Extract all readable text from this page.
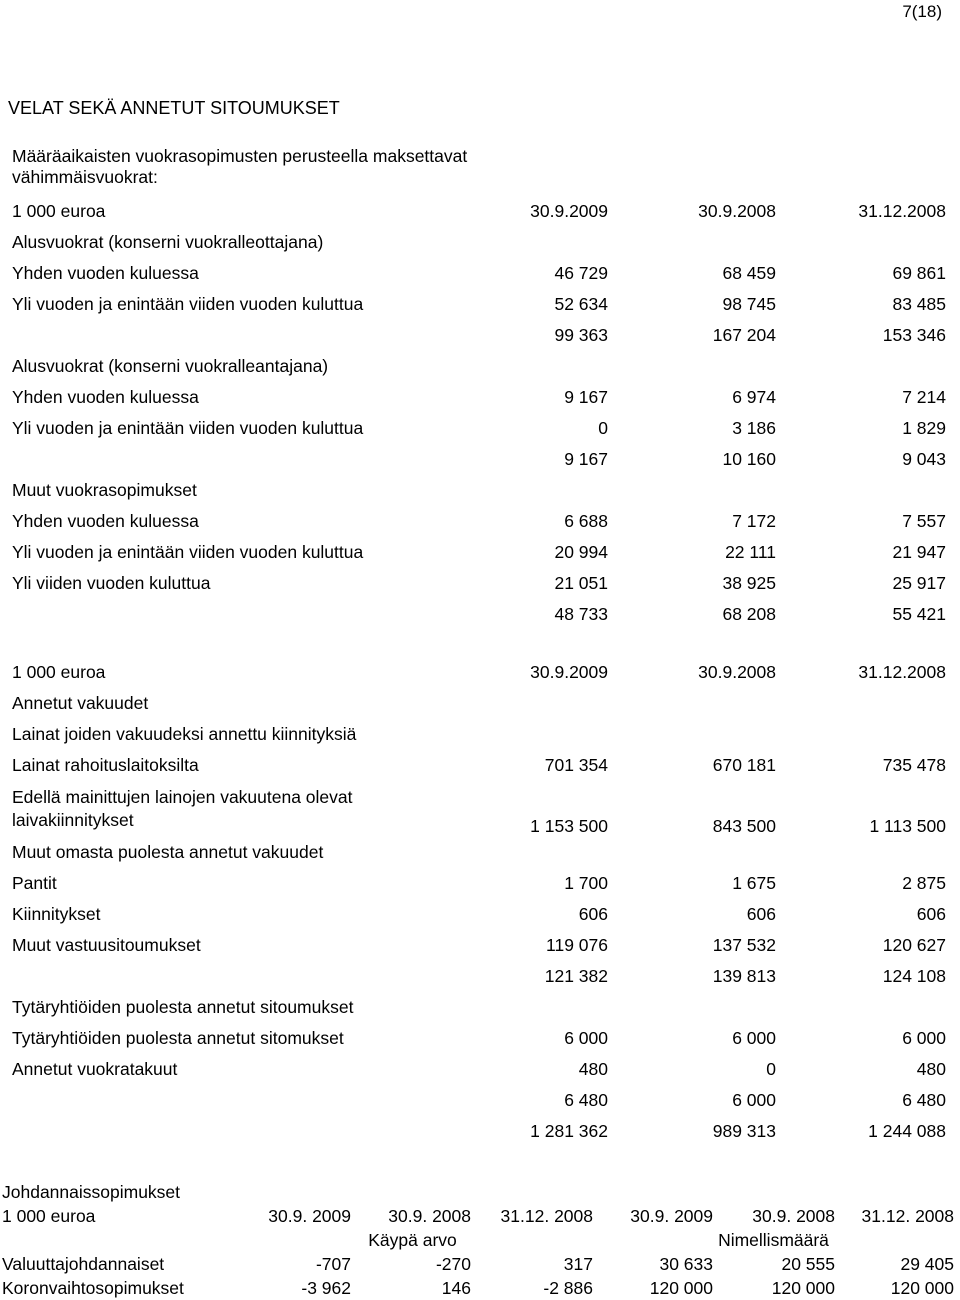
7(18)
VELAT SEKÄ ANNETUT SITOUMUKSET
Määräaikaisten vuokrasopimusten perusteella maksettavat
vähimmäisvuokrat:
1 000 euroa	30.9.2009	30.9.2008	31.12.2008	
Alusvuokrat (konserni vuokralleottajana)				
Yhden vuoden kuluessa	46 729	68 459	69 861	
Yli vuoden ja enintään viiden vuoden kuluttua	52 634	98 745	83 485	
	99 363	167 204	153 346	
Alusvuokrat (konserni vuokralleantajana)				
Yhden vuoden kuluessa	9 167	6 974	7 214	
Yli vuoden ja enintään viiden vuoden kuluttua	0	3 186	1 829	
	9 167	10 160	9 043	
Muut vuokrasopimukset				
Yhden vuoden kuluessa	6 688	7 172	7 557	
Yli vuoden ja enintään viiden vuoden kuluttua	20 994	22 111	21 947	
Yli viiden vuoden kuluttua	21 051	38 925	25 917	
	48 733	68 208	55 421	
1 000 euroa	30.9.2009	30.9.2008	31.12.2008	
Annetut vakuudet				
Lainat joiden vakuudeksi annettu kiinnityksiä				
Lainat rahoituslaitoksilta	701 354	670 181	735 478	
Edellä mainittujen lainojen vakuutena olevat laivakiinnitykset	1 153 500	843 500	1 113 500	
Muut omasta puolesta annetut vakuudet				
Pantit	1 700	1 675	2 875	
Kiinnitykset	606	606	606	
Muut vastuusitoumukset	119 076	137 532	120 627	
	121 382	139 813	124 108	
Tytäryhtiöiden puolesta annetut sitoumukset				
Tytäryhtiöiden puolesta annetut sitomukset	6 000	6 000	6 000	
Annetut vuokratakuut	480	0	480	
	6 480	6 000	6 480	
	1 281 362	989 313	1 244 088	
Johdannaissopimukset							
1 000 euroa	30.9. 2009	30.9. 2008	31.12. 2008	30.9. 2009	30.9. 2008	31.12. 2008	
	Käypä arvo			Nimellismäärä			
Valuuttajohdannaiset	-707	-270	317	30 633	20 555	29 405	
Koronvaihtosopimukset	-3 962	146	-2 886	120 000	120 000	120 000	
